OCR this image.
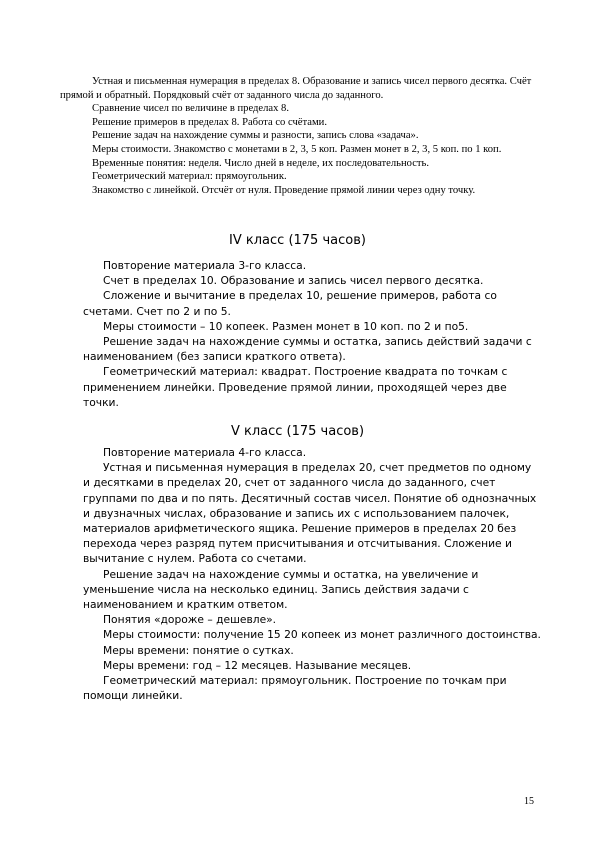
Устная и письменная нумерация в пределах 8. Образование и запись чисел первого десятка. Счёт прямой и обратный. Порядковый счёт от заданного числа до заданного.

Сравнение чисел по величине в пределах 8.

Решение примеров в пределах 8. Работа со счётами.

Решение задач на нахождение суммы и разности, запись слова «задача».

Меры стоимости. Знакомство с монетами в 2, 3, 5 коп. Размен монет в 2, 3, 5 коп. по 1 коп.

Временные понятия: неделя. Число дней в неделе, их последовательность.

Геометрический материал: прямоугольник.

Знакомство с линейкой. Отсчёт от нуля. Проведение прямой линии через одну точку.

IV класс (175 часов)

Повторение материала 3-го класса.

Счет в пределах 10. Образование и запись чисел первого десятка.

Сложение и вычитание в пределах 10, решение примеров, работа со счетами. Счет по 2 и по 5.

Меры стоимости – 10 копеек. Размен монет в 10 коп. по 2 и по5.

Решение задач на нахождение суммы и остатка, запись действий задачи с наименованием (без записи краткого ответа).

Геометрический материал: квадрат. Построение квадрата по точкам с применением линейки. Проведение прямой линии, проходящей через две точки.

V класс (175 часов)

Повторение материала 4-го класса.

Устная и письменная нумерация в пределах 20, счет предметов по одному и десятками в пределах 20, счет от заданного числа до заданного, счет группами по два и по пять. Десятичный состав чисел. Понятие об однозначных и двузначных числах, образование и запись их с использованием палочек, материалов арифметического ящика. Решение примеров в пределах 20 без перехода через разряд путем присчитывания и отсчитывания. Сложение и вычитание с нулем. Работа со счетами.

Решение задач на нахождение суммы и остатка, на увеличение и уменьшение числа на несколько единиц. Запись действия задачи с наименованием и кратким ответом.

Понятия «дороже – дешевле».

Меры стоимости: получение 15 20 копеек из монет различного достоинства.

Меры времени: понятие о сутках.

Меры времени: год – 12 месяцев. Называние месяцев.

Геометрический материал: прямоугольник. Построение по точкам при помощи линейки.

15
